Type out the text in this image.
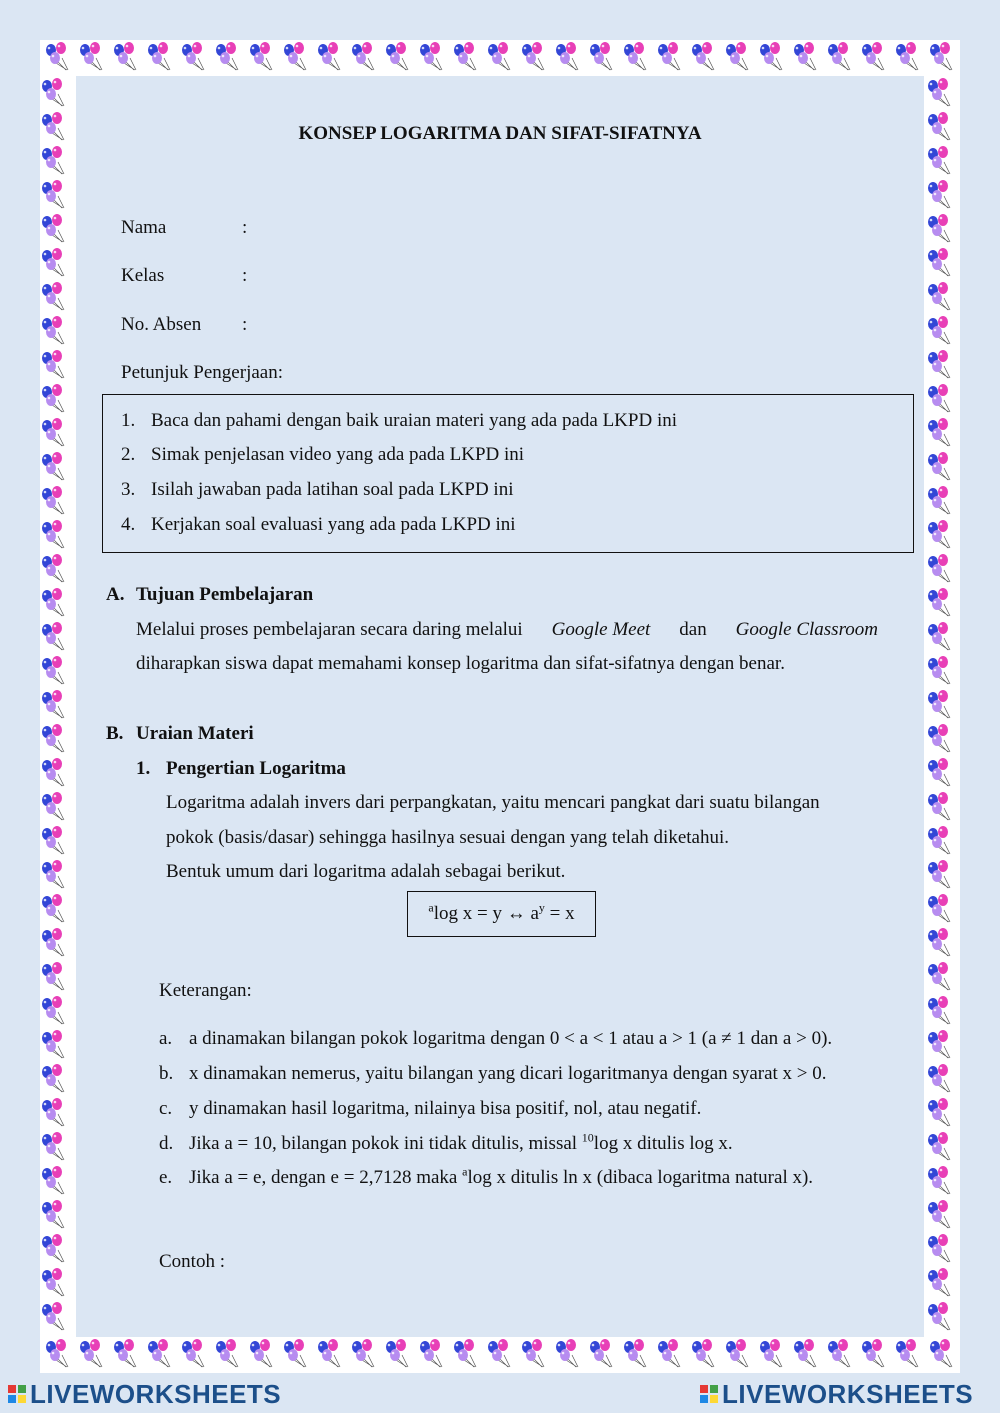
KONSEP LOGARITMA DAN SIFAT-SIFATNYA
Nama	:
Kelas	:
No. Absen :
Petunjuk Pengerjaan:
1. Baca dan pahami dengan baik uraian materi yang ada pada LKPD ini
2. Simak penjelasan video yang ada pada LKPD ini
3. Isilah jawaban pada latihan soal pada LKPD ini
4. Kerjakan soal evaluasi yang ada pada LKPD ini
A. Tujuan Pembelajaran
Melalui proses pembelajaran secara daring melalui Google Meet dan Google Classroom
diharapkan siswa dapat memahami konsep logaritma dan sifat-sifatnya dengan benar.
B. Uraian Materi
1. Pengertian Logaritma
Logaritma adalah invers dari perpangkatan, yaitu mencari pangkat dari suatu bilangan
pokok (basis/dasar) sehingga hasilnya sesuai dengan yang telah diketahui.
Bentuk umum dari logaritma adalah sebagai berikut.
$^a$log x = y ↔ $a^y = x$
Keterangan:
a. a dinamakan bilangan pokok logaritma dengan 0 < a < 1 atau a > 1 (a ≠ 1 dan a > 0).
b. x dinamakan nemerus, yaitu bilangan yang dicari logaritmanya dengan syarat x > 0.
c. y dinamakan hasil logaritma, nilainya bisa positif, nol, atau negatif.
d. Jika a = 10, bilangan pokok ini tidak ditulis, missal $^{10}$log x ditulis log x.
e. Jika a = e, dengan e = 2,7128 maka $^a$log x ditulis ln x (dibaca logaritma natural x).
Contoh :
LIVEWORKSHEETS	LIVEWORKSHEETS
